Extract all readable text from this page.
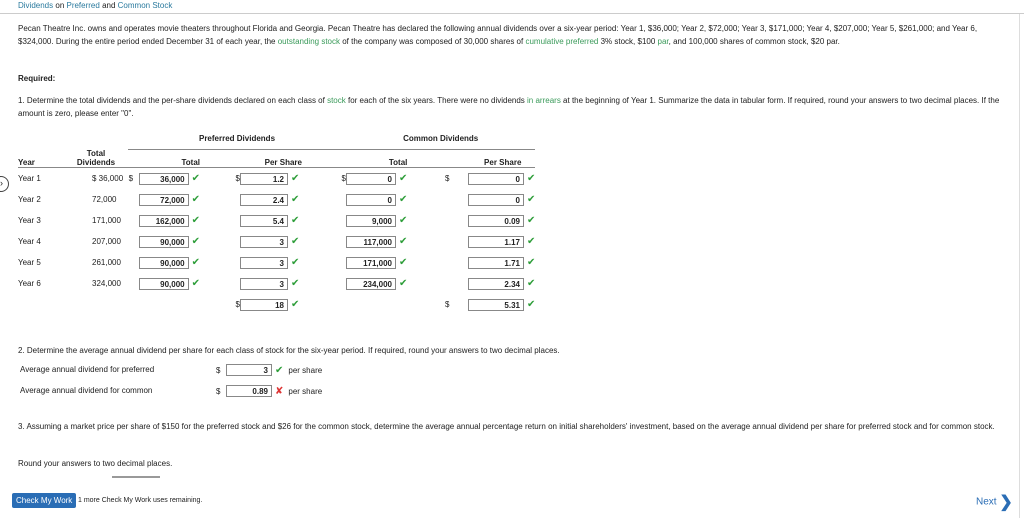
Dividends on Preferred and Common Stock
›
Pecan Theatre Inc. owns and operates movie theaters throughout Florida and Georgia. Pecan Theatre has declared the following annual dividends over a six-year period: Year 1, $36,000; Year 2, $72,000; Year 3, $171,000; Year 4, $207,000; Year 5, $261,000; and Year 6, $324,000. During the entire period ended December 31 of each year, the outstanding stock of the company was composed of 30,000 shares of cumulative preferred 3% stock, $100 par, and 100,000 shares of common stock, $20 par.
Required:
1. Determine the total dividends and the per-share dividends declared on each class of stock for each of the six years. There were no dividends in arrears at the beginning of Year 1. Summarize the data in tabular form. If required, round your answers to two decimal places. If the amount is zero, please enter "0".
		Preferred Dividends				Common Dividends		
Year	Total
Dividends	Total		Per Share		Total		Per Share
Year 1	$ 36,000	$ 36,000 ✔	$	1.2 ✔	$	0 ✔	$	0 ✔

Year 2	72,000	72,000 ✔		2.4 ✔		0 ✔		0 ✔

Year 3	171,000	162,000 ✔		5.4 ✔		9,000 ✔		0.09 ✔

Year 4	207,000	90,000 ✔		3 ✔		117,000 ✔		1.17 ✔

Year 5	261,000	90,000 ✔		3 ✔		171,000 ✔		1.71 ✔

Year 6	324,000	90,000 ✔		3 ✔		234,000 ✔		2.34 ✔

			$	18 ✔			$	5.31 ✔
2. Determine the average annual dividend per share for each class of stock for the six-year period. If required, round your answers to two decimal places.
Average annual dividend for preferred	$	3 ✔ per share
Average annual dividend for common	$	0.89 ✘ per share
3. Assuming a market price per share of $150 for the preferred stock and $26 for the common stock, determine the average annual percentage return on initial shareholders' investment, based on the average annual dividend per share for preferred stock and for common stock.
Round your answers to two decimal places.
Check My Work 1 more Check My Work uses remaining.	Next ❯
